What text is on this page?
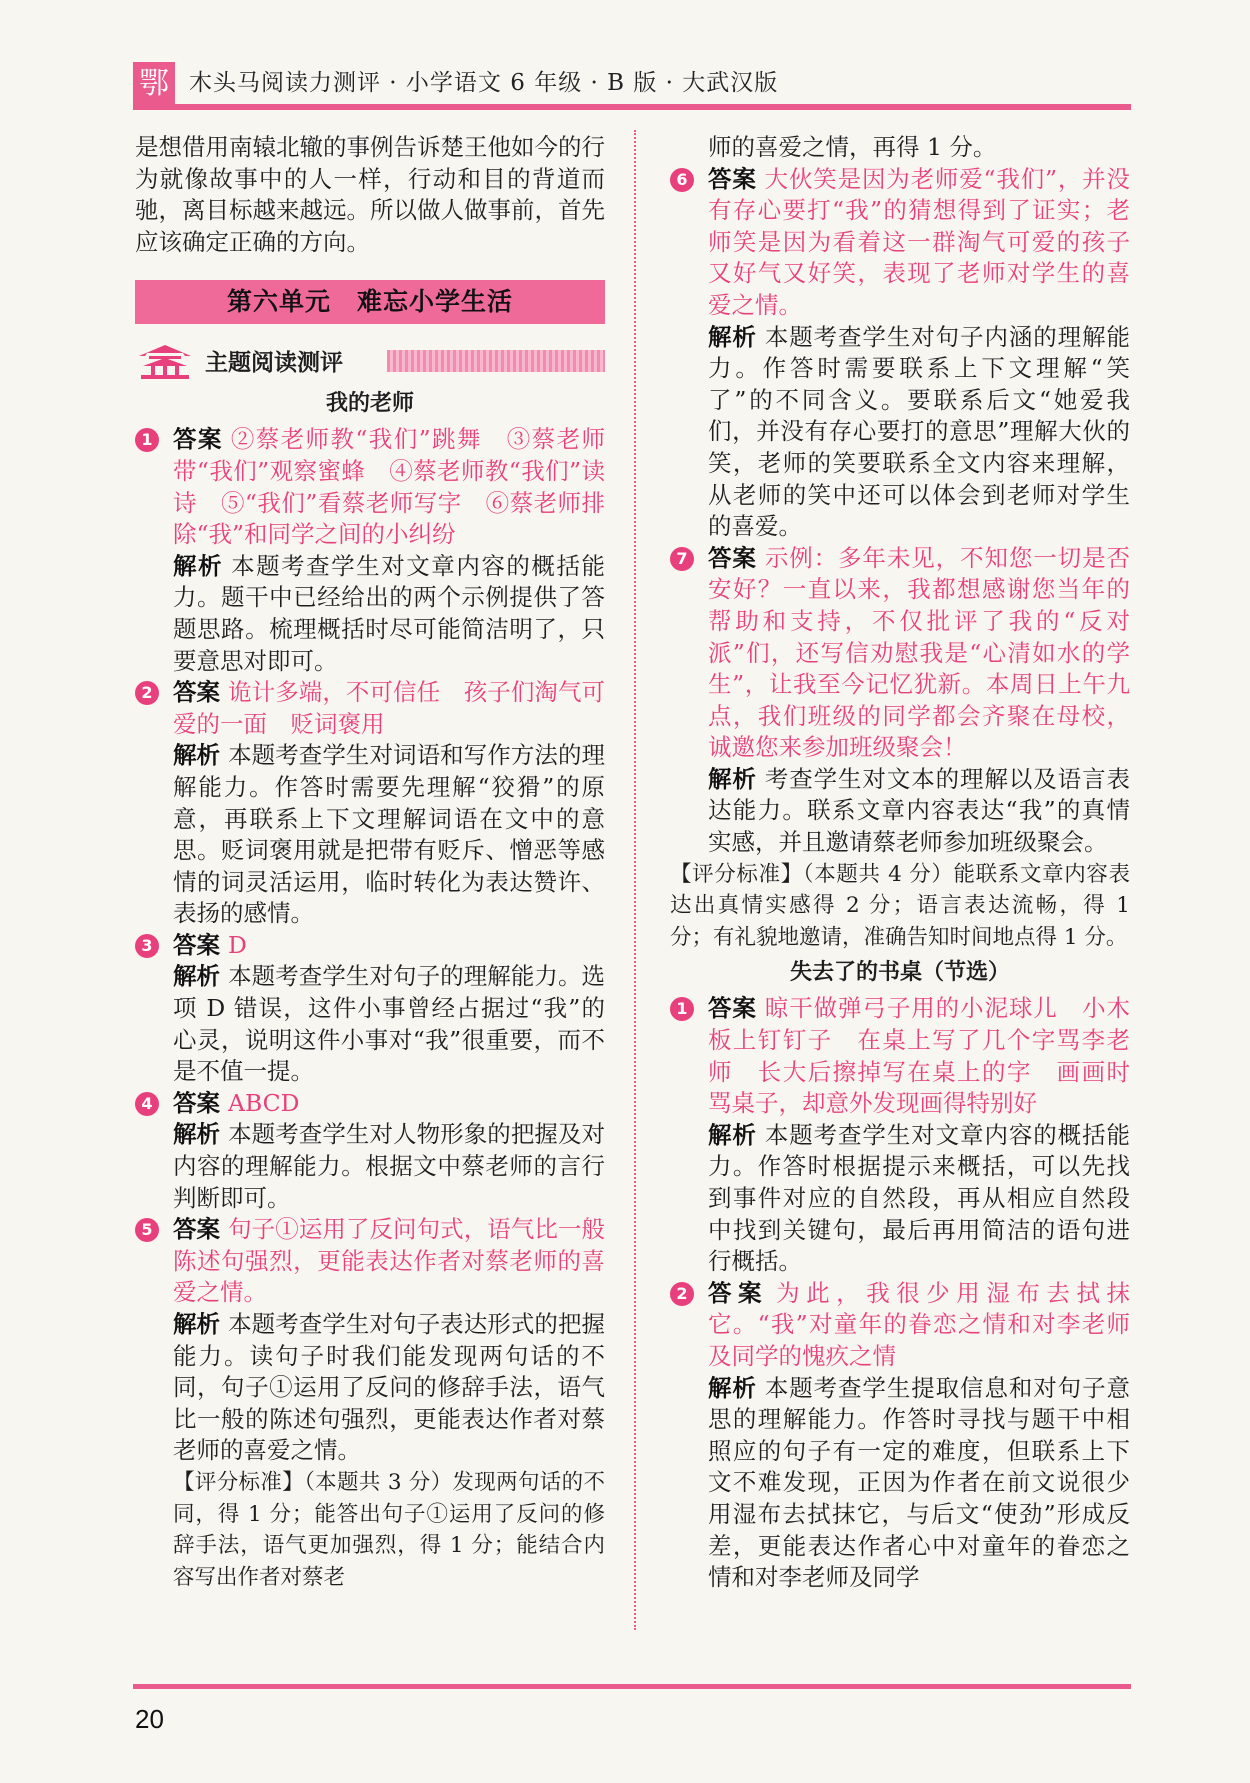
鄂 木头马阅读力测评 · 小学语文 6 年级 · B 版 · 大武汉版

是想借用南辕北辙的事例告诉楚王他如今的行为就像故事中的人一样，行动和目的背道而驰，离目标越来越远。所以做人做事前，首先应该确定正确的方向。

第六单元　难忘小学生活
主题阅读测评
我的老师
1 答案 ②蔡老师教“我们”跳舞　③蔡老师带“我们”观察蜜蜂　④蔡老师教“我们”读诗　⑤“我们”看蔡老师写字　⑥蔡老师排除“我”和同学之间的小纠纷

解析 本题考查学生对文章内容的概括能力。题干中已经给出的两个示例提供了答题思路。梳理概括时尽可能简洁明了，只要意思对即可。

2 答案 诡计多端，不可信任　孩子们淘气可爱的一面　贬词褒用

解析 本题考查学生对词语和写作方法的理解能力。作答时需要先理解“狡猾”的原意，再联系上下文理解词语在文中的意思。贬词褒用就是把带有贬斥、憎恶等感情的词灵活运用，临时转化为表达赞许、表扬的感情。

3 答案 D

解析 本题考查学生对句子的理解能力。选项 D 错误，这件小事曾经占据过“我”的心灵，说明这件小事对“我”很重要，而不是不值一提。

4 答案 ABCD

解析 本题考查学生对人物形象的把握及对内容的理解能力。根据文中蔡老师的言行判断即可。

5 答案 句子①运用了反问句式，语气比一般陈述句强烈，更能表达作者对蔡老师的喜爱之情。

解析 本题考查学生对句子表达形式的把握能力。读句子时我们能发现两句话的不同，句子①运用了反问的修辞手法，语气比一般的陈述句强烈，更能表达作者对蔡老师的喜爱之情。

【评分标准】（本题共 3 分）发现两句话的不同，得 1 分；能答出句子①运用了反问的修辞手法，语气更加强烈，得 1 分；能结合内容写出作者对蔡老

师的喜爱之情，再得 1 分。

6 答案 大伙笑是因为老师爱“我们”，并没有存心要打“我”的猜想得到了证实；老师笑是因为看着这一群淘气可爱的孩子又好气又好笑，表现了老师对学生的喜爱之情。

解析 本题考查学生对句子内涵的理解能力。作答时需要联系上下文理解“笑了”的不同含义。要联系后文“她爱我们，并没有存心要打的意思”理解大伙的笑，老师的笑要联系全文内容来理解，从老师的笑中还可以体会到老师对学生的喜爱。

7 答案 示例：多年未见，不知您一切是否安好？一直以来，我都想感谢您当年的帮助和支持，不仅批评了我的“反对派”们，还写信劝慰我是“心清如水的学生”，让我至今记忆犹新。本周日上午九点，我们班级的同学都会齐聚在母校，诚邀您来参加班级聚会！

解析 考查学生对文本的理解以及语言表达能力。联系文章内容表达“我”的真情实感，并且邀请蔡老师参加班级聚会。

【评分标准】（本题共 4 分）能联系文章内容表达出真情实感得 2 分；语言表达流畅，得 1 分；有礼貌地邀请，准确告知时间地点得 1 分。

失去了的书桌（节选）
1 答案 晾干做弹弓子用的小泥球儿　小木板上钉钉子　在桌上写了几个字骂李老师　长大后擦掉写在桌上的字　画画时骂桌子，却意外发现画得特别好

解析 本题考查学生对文章内容的概括能力。作答时根据提示来概括，可以先找到事件对应的自然段，再从相应自然段中找到关键句，最后再用简洁的语句进行概括。

2 答案 为此，我很少用湿布去拭抹它。“我”对童年的眷恋之情和对李老师及同学的愧疚之情

解析 本题考查学生提取信息和对句子意思的理解能力。作答时寻找与题干中相照应的句子有一定的难度，但联系上下文不难发现，正因为作者在前文说很少用湿布去拭抹它，与后文“使劲”形成反差，更能表达作者心中对童年的眷恋之情和对李老师及同学

20
